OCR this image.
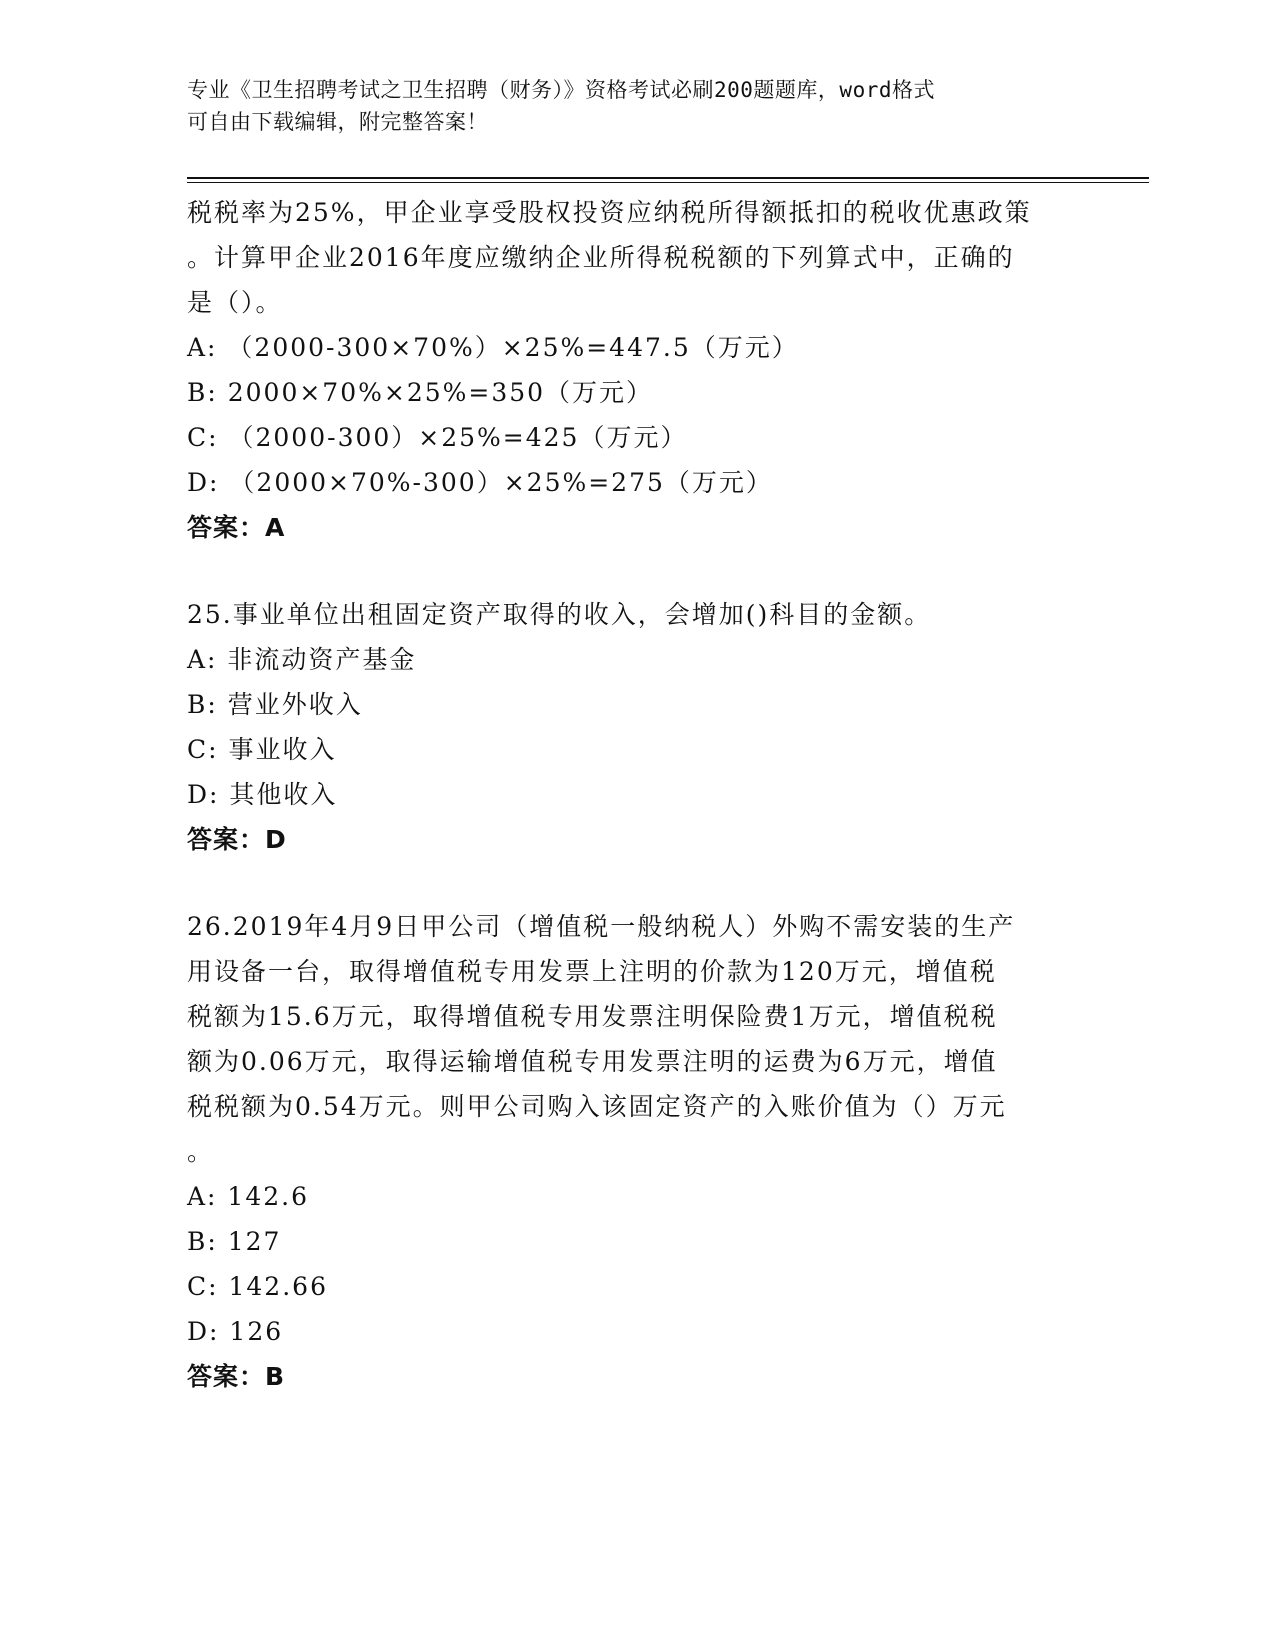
专业《卫生招聘考试之卫生招聘（财务）》资格考试必刷200题题库，word格式
可自由下载编辑，附完整答案！
税税率为25%，甲企业享受股权投资应纳税所得额抵扣的税收优惠政策
。计算甲企业2016年度应缴纳企业所得税税额的下列算式中，正确的
是（）。
A: （2000-300×70%）×25%=447.5（万元）
B: 2000×70%×25%=350（万元）
C: （2000-300）×25%=425（万元）
D: （2000×70%-300）×25%=275（万元）
答案：A
25.事业单位出租固定资产取得的收入，会增加()科目的金额。
A: 非流动资产基金
B: 营业外收入
C: 事业收入
D: 其他收入
答案：D
26.2019年4月9日甲公司（增值税一般纳税人）外购不需安装的生产
用设备一台，取得增值税专用发票上注明的价款为120万元，增值税
税额为15.6万元，取得增值税专用发票注明保险费1万元，增值税税
额为0.06万元，取得运输增值税专用发票注明的运费为6万元，增值
税税额为0.54万元。则甲公司购入该固定资产的入账价值为（）万元
。
A: 142.6
B: 127
C: 142.66
D: 126
答案：B
